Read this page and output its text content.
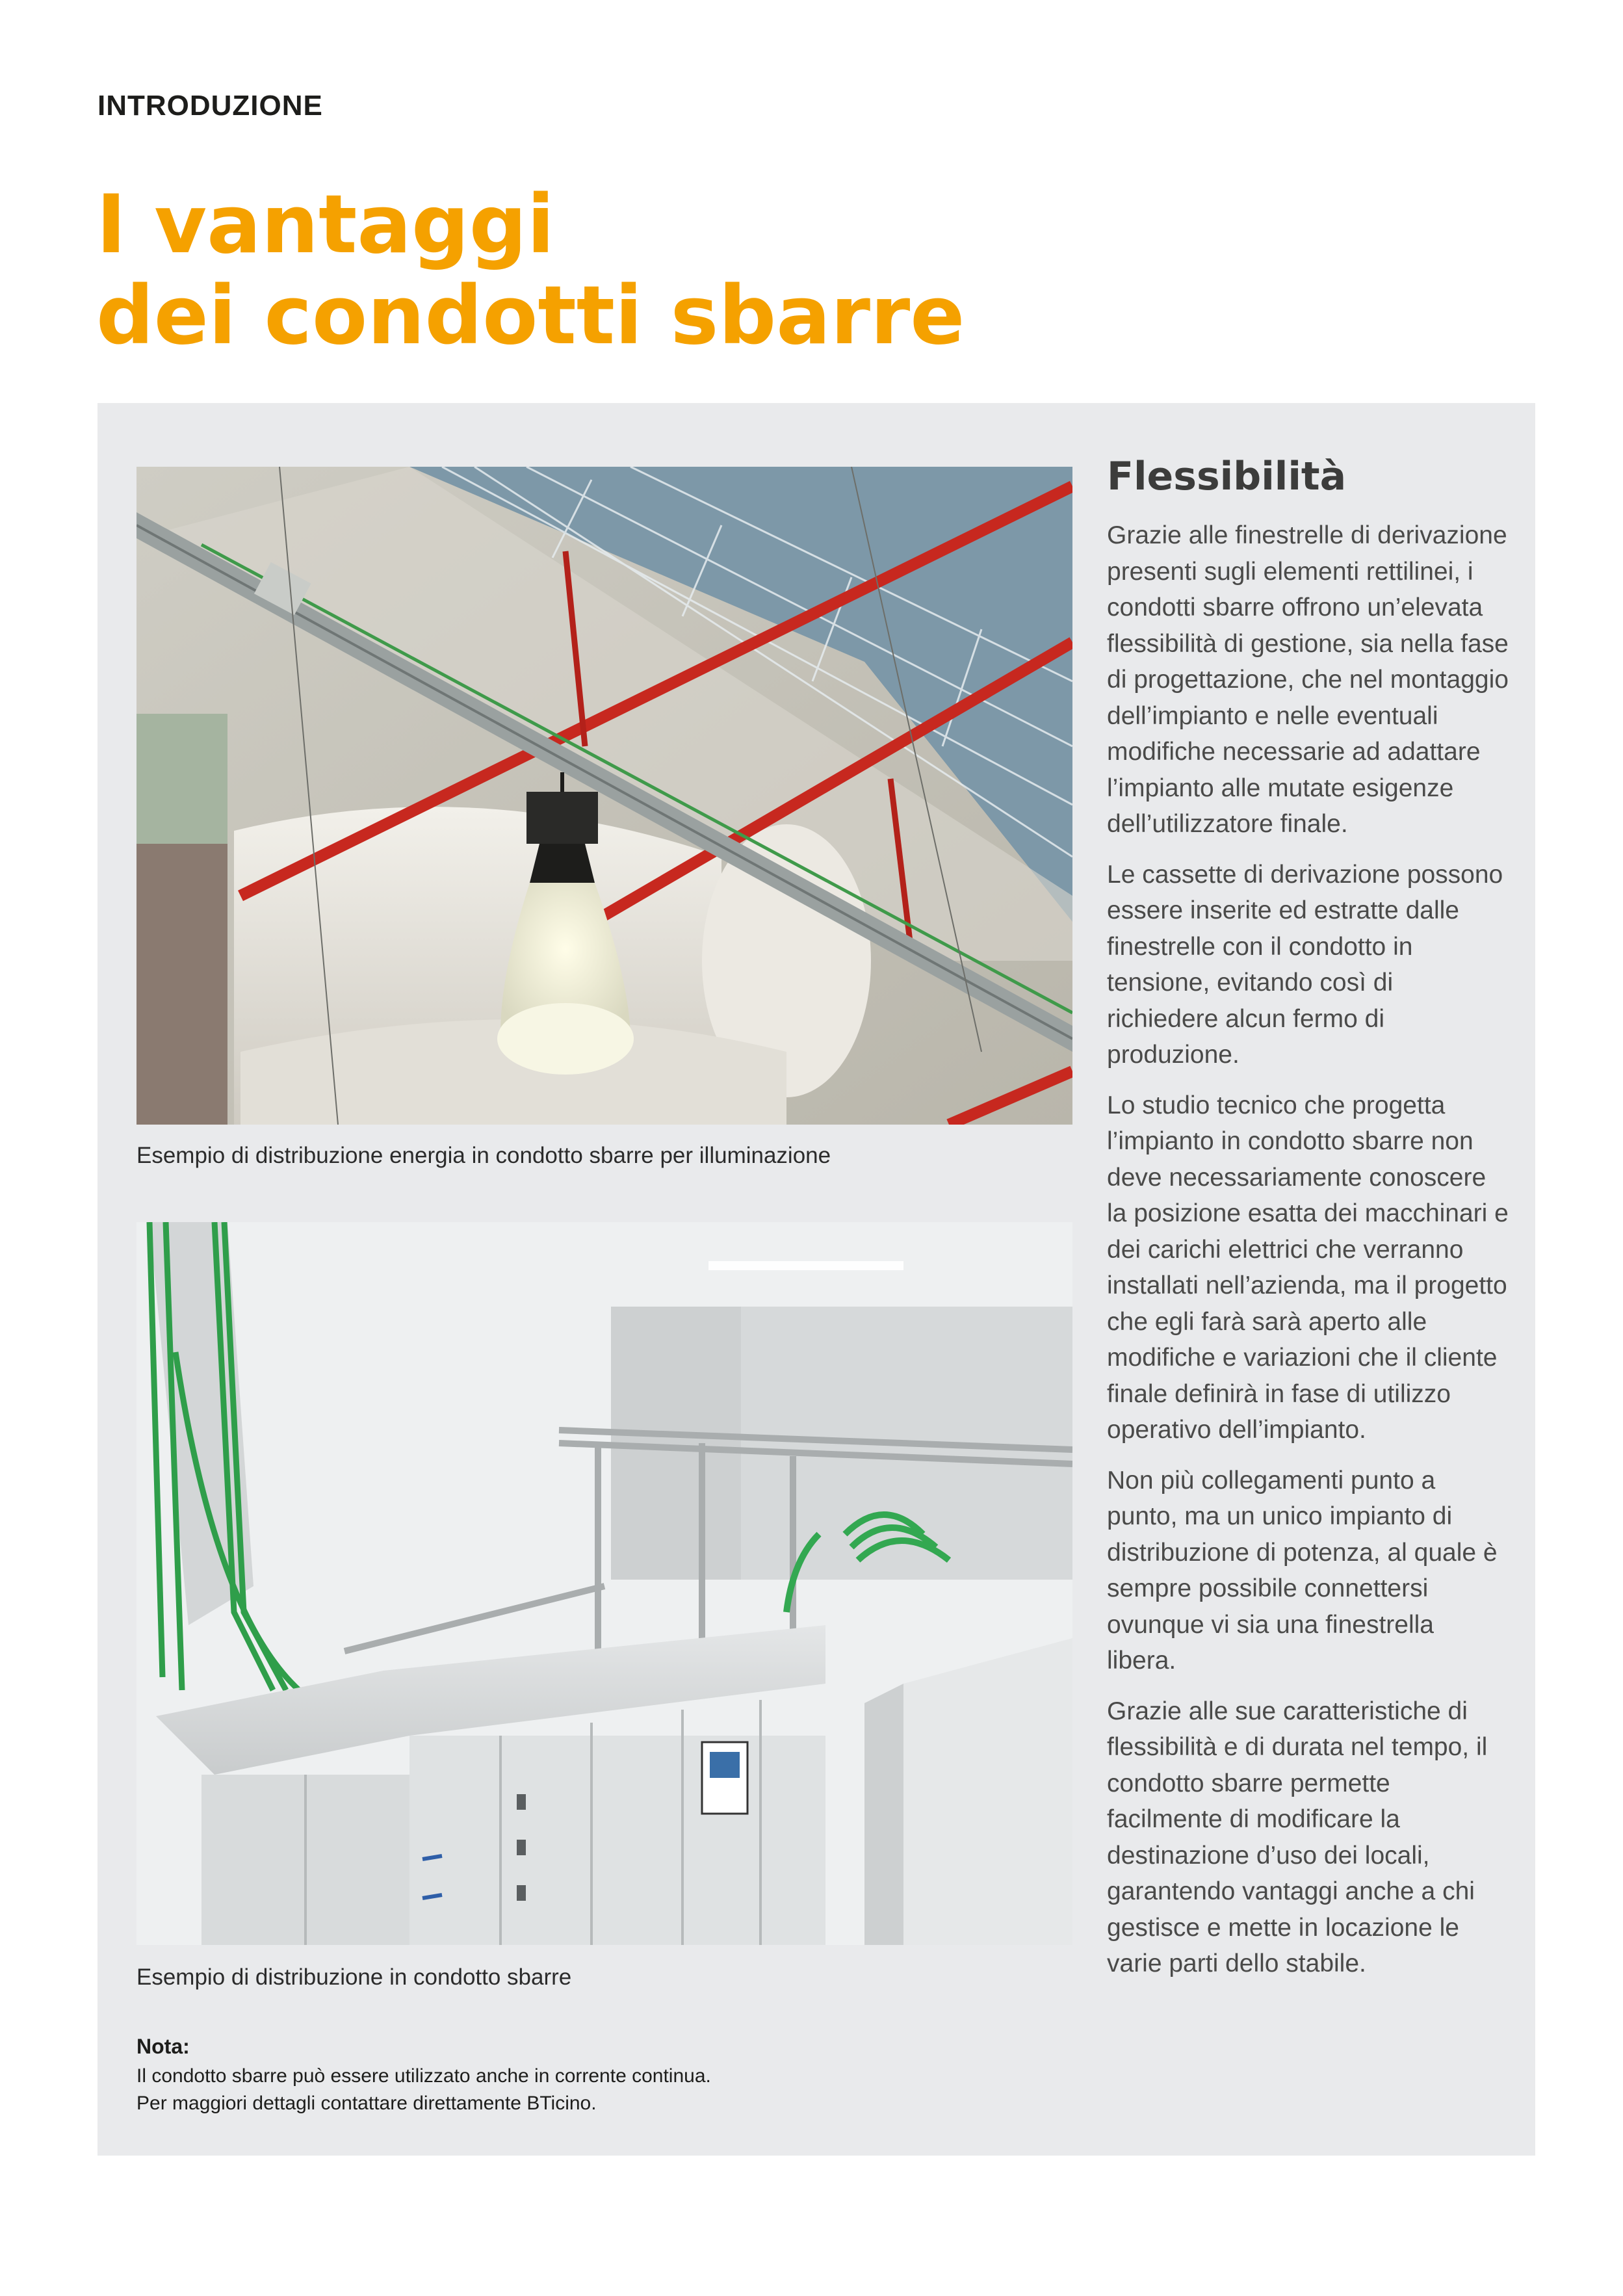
INTRODUZIONE
I vantaggi
dei condotti sbarre
Esempio di distribuzione energia in condotto sbarre per illuminazione
Esempio di distribuzione in condotto sbarre
Nota:
Il condotto sbarre può essere utilizzato anche in corrente continua.
Per maggiori dettagli contattare direttamente BTicino.
Flessibilità

Grazie alle finestrelle di derivazione presenti sugli elementi rettilinei, i condotti sbarre offrono un’elevata flessibilità di gestione, sia nella fase di progettazione, che nel montaggio dell’impianto e nelle eventuali modifiche necessarie ad adattare l’impianto alle mutate esigenze dell’utilizzatore finale.

Le cassette di derivazione possono essere inserite ed estratte dalle finestrelle con il condotto in tensione, evitando così di richiedere alcun fermo di produzione.

Lo studio tecnico che progetta l’impianto in condotto sbarre non deve necessariamente conoscere la posizione esatta dei macchinari e dei carichi elettrici che verranno installati nell’azienda, ma il progetto che egli farà sarà aperto alle modifiche e variazioni che il cliente finale definirà in fase di utilizzo operativo dell’impianto.

Non più collegamenti punto a punto, ma un unico impianto di distribuzione di potenza, al quale è sempre possibile connettersi ovunque vi sia una finestrella libera.

Grazie alle sue caratteristiche di flessibilità e di durata nel tempo, il condotto sbarre permette facilmente di modificare la destinazione d’uso dei locali, garantendo vantaggi anche a chi gestisce e mette in locazione le varie parti dello stabile.
